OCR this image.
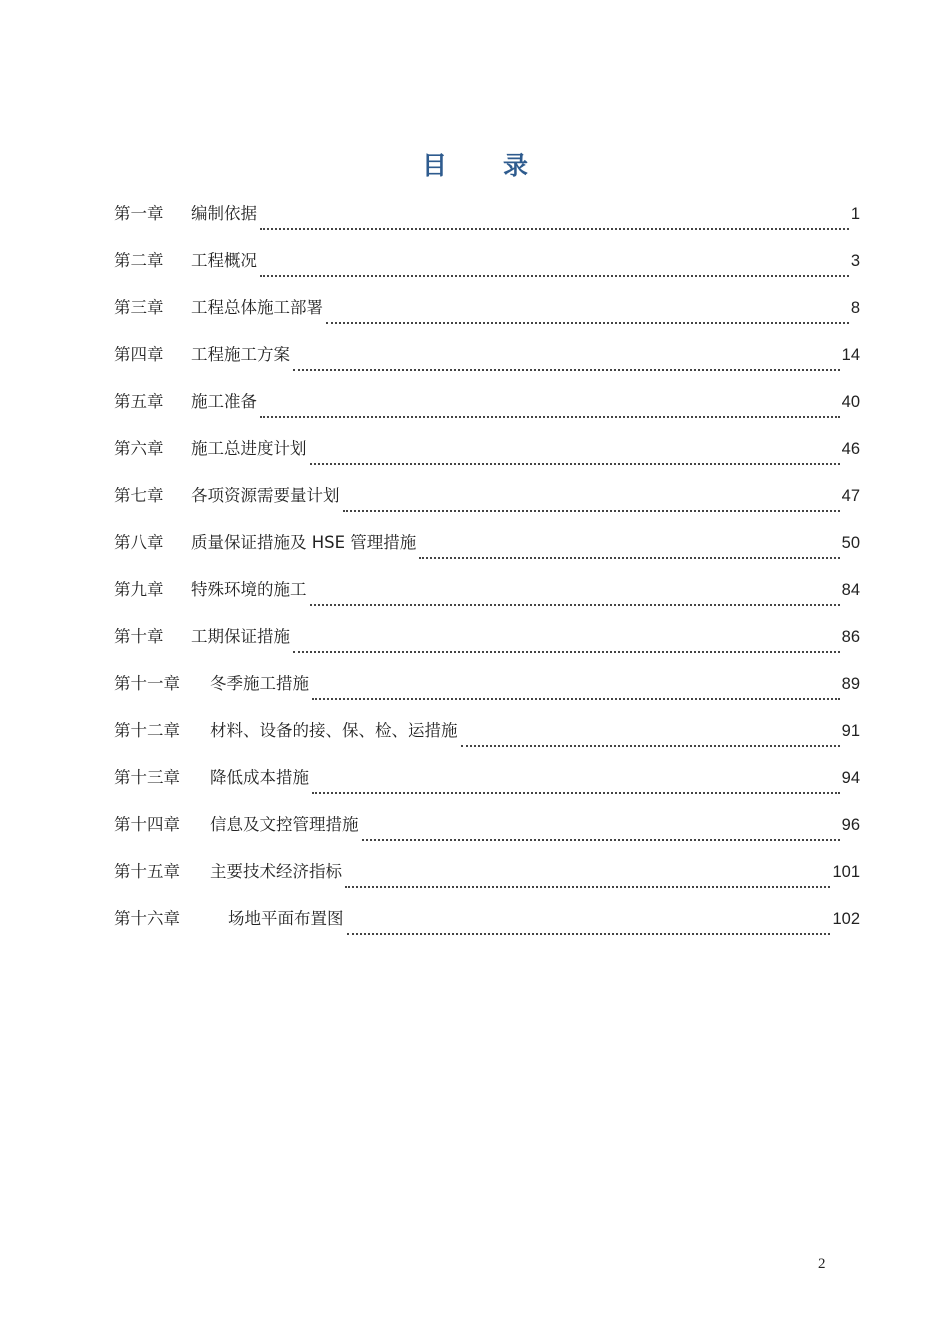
目 录
第一章	编制依据	1
第二章	工程概况	3
第三章	工程总体施工部署	8
第四章	工程施工方案	14
第五章	施工准备	40
第六章	施工总进度计划	46
第七章	各项资源需要量计划	47
第八章	质量保证措施及 HSE 管理措施	50
第九章	特殊环境的施工	84
第十章	工期保证措施	86
第十一章	冬季施工措施	89
第十二章	材料、设备的接、保、检、运措施	91
第十三章	降低成本措施	94
第十四章	信息及文控管理措施	96
第十五章	主要技术经济指标	101
第十六章	场地平面布置图	102
2
